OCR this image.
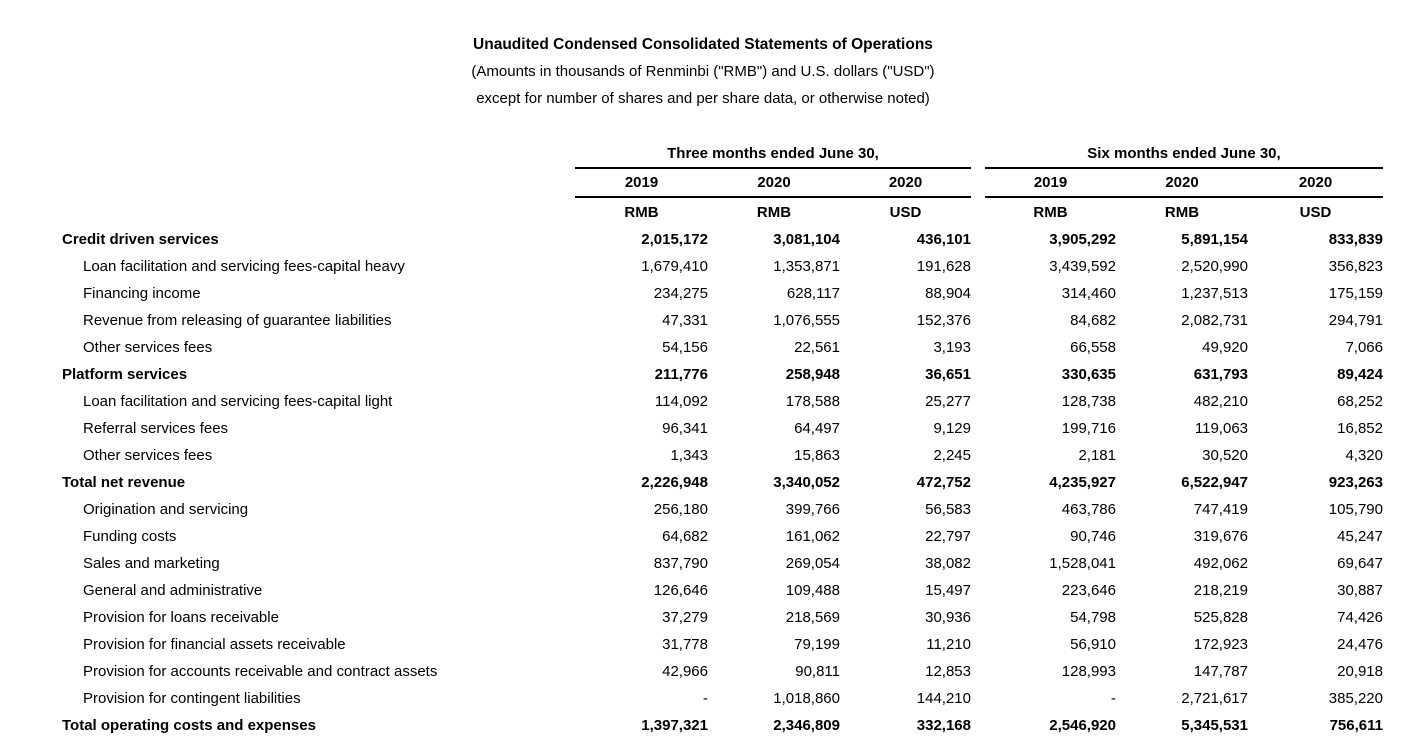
Unaudited Condensed Consolidated Statements of Operations
(Amounts in thousands of Renminbi ("RMB") and U.S. dollars ("USD")
except for number of shares and per share data, or otherwise noted)
	Three months ended June 30,				Six months ended June 30,		
	2019	2020	2020		2019	2020	2020
	RMB	RMB	USD		RMB	RMB	USD
Credit driven services	2,015,172	3,081,104	436,101		3,905,292	5,891,154	833,839
Loan facilitation and servicing fees-capital heavy	1,679,410	1,353,871	191,628		3,439,592	2,520,990	356,823
Financing income	234,275	628,117	88,904		314,460	1,237,513	175,159
Revenue from releasing of guarantee liabilities	47,331	1,076,555	152,376		84,682	2,082,731	294,791
Other services fees	54,156	22,561	3,193		66,558	49,920	7,066
Platform services	211,776	258,948	36,651		330,635	631,793	89,424
Loan facilitation and servicing fees-capital light	114,092	178,588	25,277		128,738	482,210	68,252
Referral services fees	96,341	64,497	9,129		199,716	119,063	16,852
Other services fees	1,343	15,863	2,245		2,181	30,520	4,320
Total net revenue	2,226,948	3,340,052	472,752		4,235,927	6,522,947	923,263
Origination and servicing	256,180	399,766	56,583		463,786	747,419	105,790
Funding costs	64,682	161,062	22,797		90,746	319,676	45,247
Sales and marketing	837,790	269,054	38,082		1,528,041	492,062	69,647
General and administrative	126,646	109,488	15,497		223,646	218,219	30,887
Provision for loans receivable	37,279	218,569	30,936		54,798	525,828	74,426
Provision for financial assets receivable	31,778	79,199	11,210		56,910	172,923	24,476
Provision for accounts receivable and contract assets	42,966	90,811	12,853		128,993	147,787	20,918
Provision for contingent liabilities	-	1,018,860	144,210		-	2,721,617	385,220
Total operating costs and expenses	1,397,321	2,346,809	332,168		2,546,920	5,345,531	756,611
